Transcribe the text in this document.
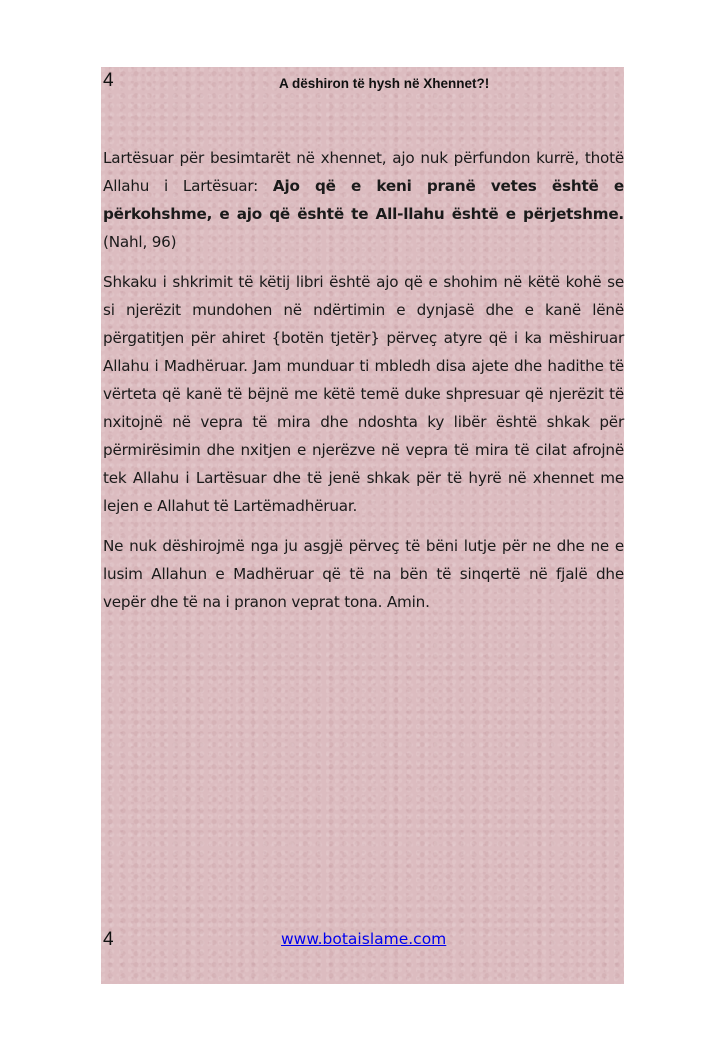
4	A dëshiron të hysh në Xhennet?!

Lartësuar për besimtarët në xhennet, ajo nuk përfundon kurrë, thotë Allahu i Lartësuar: Ajo që e keni pranë vetes është e përkohshme, e ajo që është te All-llahu është e përjetshme. (Nahl, 96)

Shkaku i shkrimit të këtij libri është ajo që e shohim në këtë kohë se si njerëzit mundohen në ndërtimin e dynjasë dhe e kanë lënë përgatitjen për ahiret {botën tjetër} përveç atyre që i ka mëshiruar Allahu i Madhëruar. Jam munduar ti mbledh disa ajete dhe hadithe të vërteta që kanë të bëjnë me këtë temë duke shpresuar që njerëzit të nxitojnë në vepra të mira dhe ndoshta ky libër është shkak për përmirësimin dhe nxitjen e njerëzve në vepra të mira të cilat afrojnë tek Allahu i Lartësuar dhe të jenë shkak për të hyrë në xhennet me lejen e Allahut të Lartëmadhëruar.

Ne nuk dëshirojmë nga ju asgjë përveç të bëni lutje për ne dhe ne e lusim Allahun e Madhëruar që të na bën të sinqertë në fjalë dhe vepër dhe të na i pranon veprat tona. Amin.

4	www.botaislame.com
